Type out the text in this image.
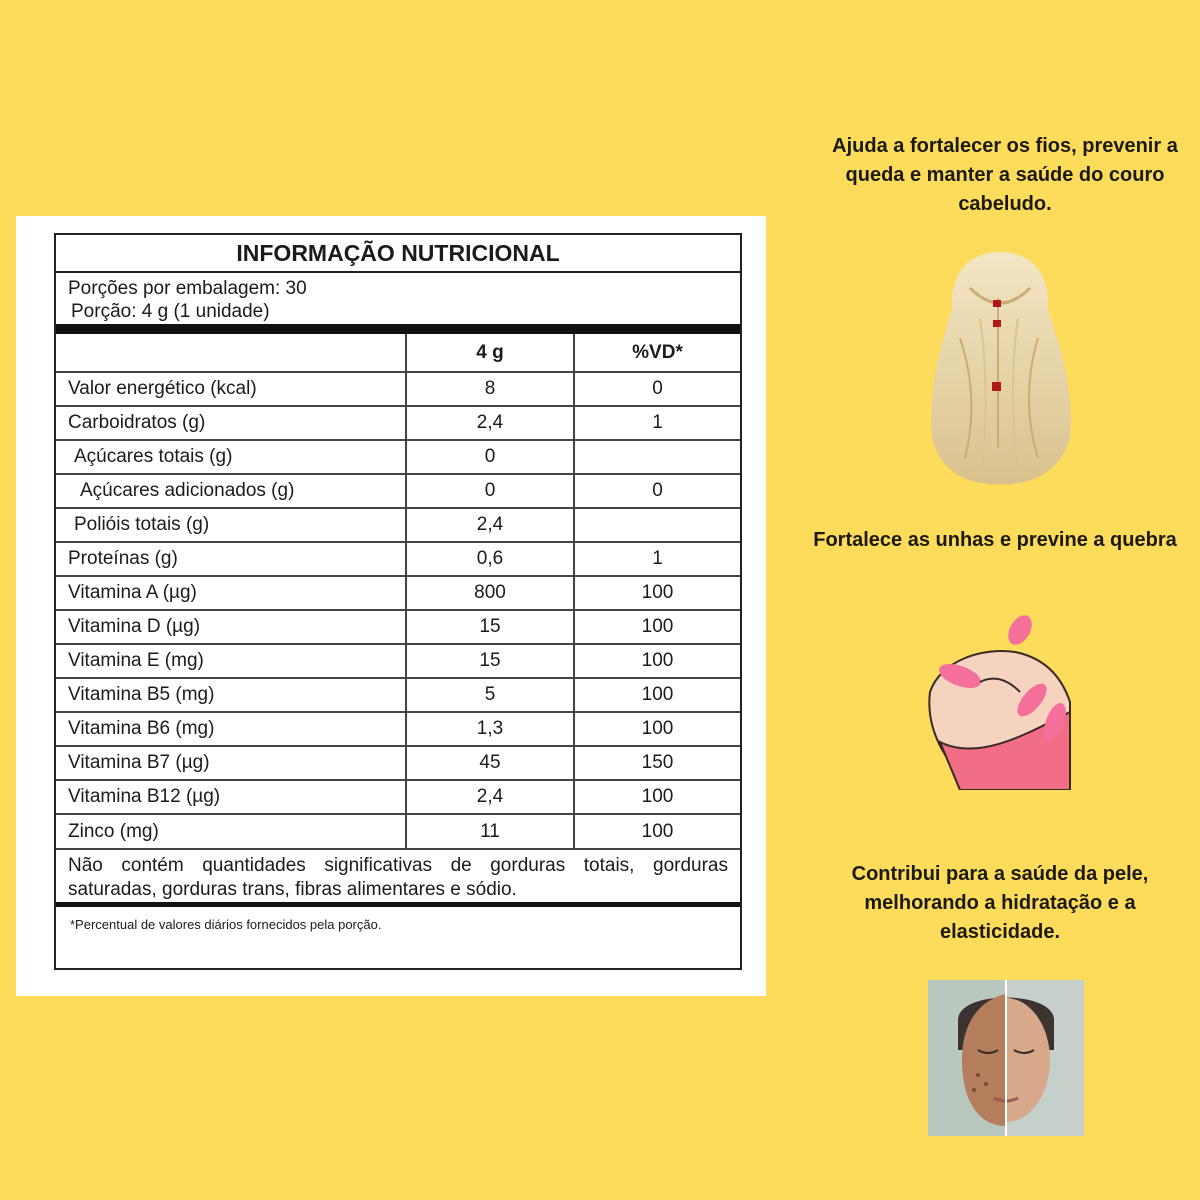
INFORMAÇÃO NUTRICIONAL
Porções por embalagem: 30
Porção: 4 g (1 unidade)
	4 g	%VD*
Valor energético (kcal)	8	0
Carboidratos (g)	2,4	1
Açúcares totais (g)	0	
Açúcares adicionados (g)	0	0
Polióis totais (g)	2,4	
Proteínas (g)	0,6	1
Vitamina A (µg)	800	100
Vitamina D (µg)	15	100
Vitamina E (mg)	15	100
Vitamina B5 (mg)	5	100
Vitamina B6 (mg)	1,3	100
Vitamina B7 (µg)	45	150
Vitamina B12 (µg)	2,4	100
Zinco (mg)	11	100
Não contém quantidades significativas de gorduras totais, gorduras saturadas, gorduras trans, fibras alimentares e sódio.
*Percentual de valores diários fornecidos pela porção.
Ajuda a fortalecer os fios, prevenir a queda e manter a saúde do couro cabeludo.
Fortalece as unhas e previne a quebra
Contribui para a saúde da pele, melhorando a hidratação e a elasticidade.
